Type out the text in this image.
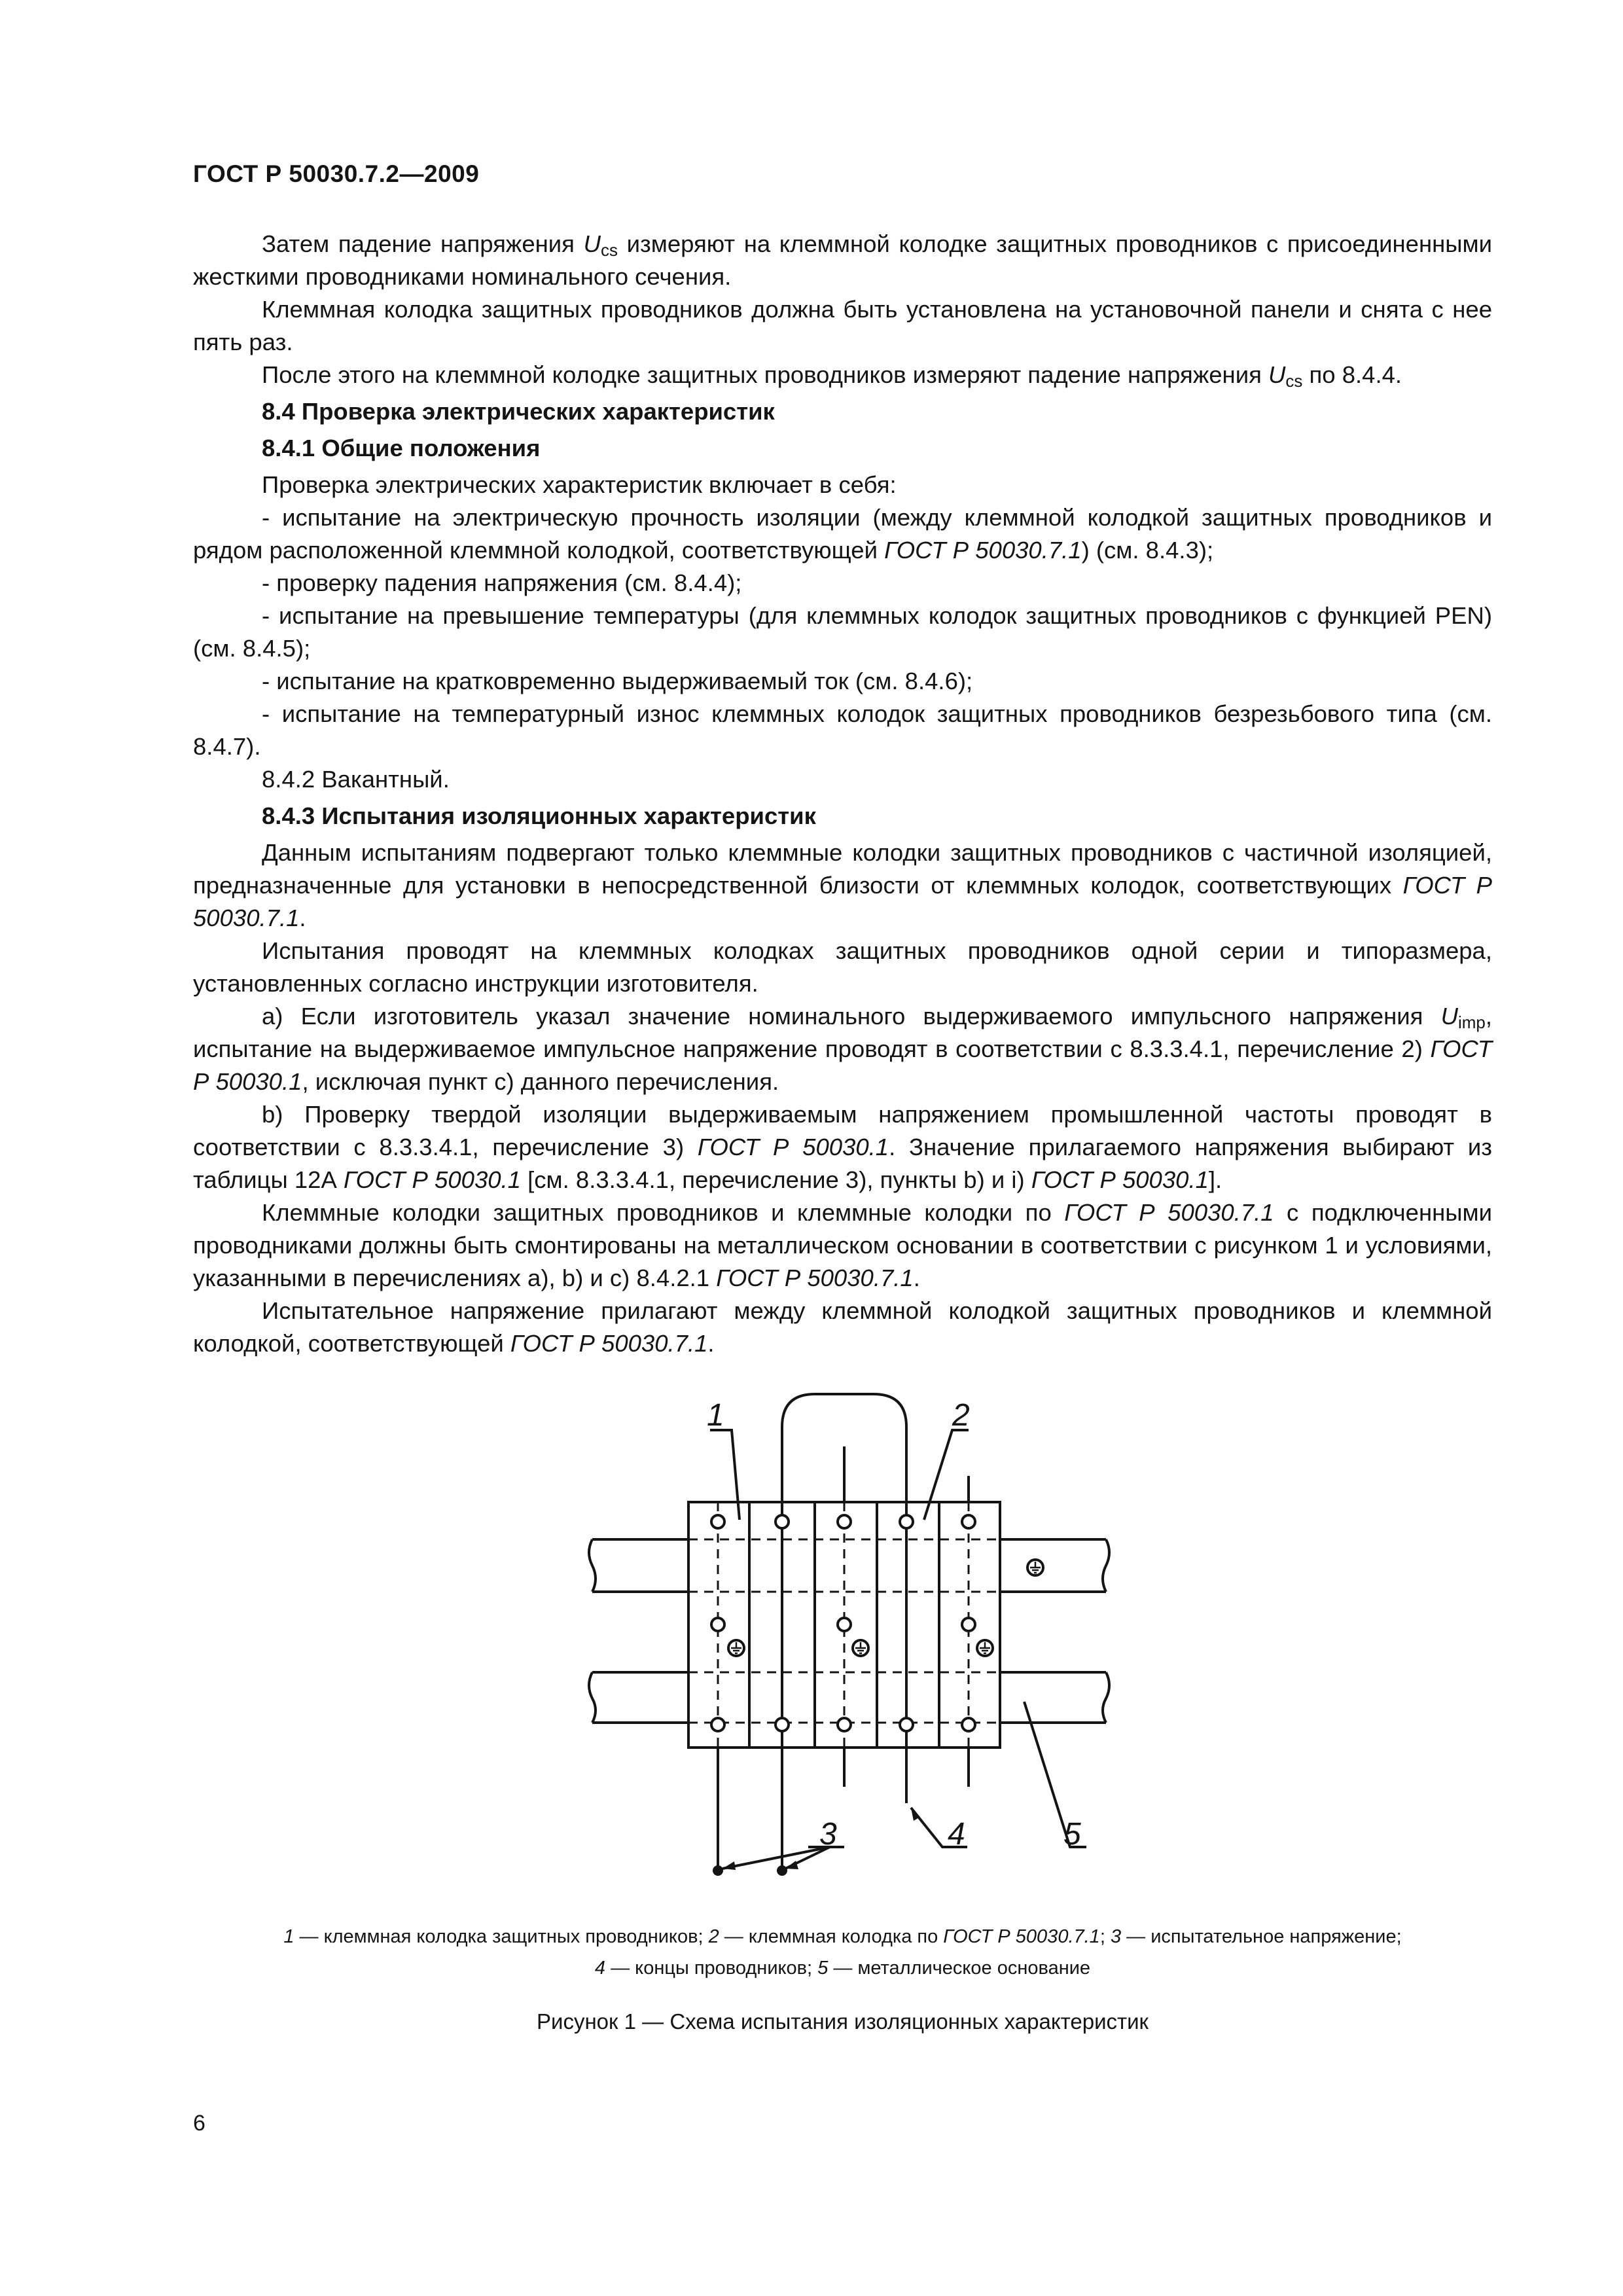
ГОСТ Р 50030.7.2—2009

Затем падение напряжения $U_{cs}$ измеряют на клеммной колодке защитных проводников с присоединенными жесткими проводниками номинального сечения.

Клеммная колодка защитных проводников должна быть установлена на установочной панели и снята с нее пять раз.

После этого на клеммной колодке защитных проводников измеряют падение напряжения $U_{cs}$ по 8.4.4.

8.4 Проверка электрических характеристик

8.4.1 Общие положения

Проверка электрических характеристик включает в себя:

- испытание на электрическую прочность изоляции (между клеммной колодкой защитных проводников и рядом расположенной клеммной колодкой, соответствующей ГОСТ Р 50030.7.1) (см. 8.4.3);

- проверку падения напряжения (см. 8.4.4);

- испытание на превышение температуры (для клеммных колодок защитных проводников с функцией PEN) (см. 8.4.5);

- испытание на кратковременно выдерживаемый ток (см. 8.4.6);

- испытание на температурный износ клеммных колодок защитных проводников безрезьбового типа (см. 8.4.7).

8.4.2 Вакантный.

8.4.3 Испытания изоляционных характеристик

Данным испытаниям подвергают только клеммные колодки защитных проводников с частичной изоляцией, предназначенные для установки в непосредственной близости от клеммных колодок, соответствующих ГОСТ Р 50030.7.1.

Испытания проводят на клеммных колодках защитных проводников одной серии и типоразмера, установленных согласно инструкции изготовителя.

а) Если изготовитель указал значение номинального выдерживаемого импульсного напряжения $U_{imp}$, испытание на выдерживаемое импульсное напряжение проводят в соответствии с 8.3.3.4.1, перечисление 2) ГОСТ Р 50030.1, исключая пункт с) данного перечисления.

b) Проверку твердой изоляции выдерживаемым напряжением промышленной частоты проводят в соответствии с 8.3.3.4.1, перечисление 3) ГОСТ Р 50030.1. Значение прилагаемого напряжения выбирают из таблицы 12А ГОСТ Р 50030.1 [см. 8.3.3.4.1, перечисление 3), пункты b) и i) ГОСТ Р 50030.1].

Клеммные колодки защитных проводников и клеммные колодки по ГОСТ Р 50030.7.1 с подключенными проводниками должны быть смонтированы на металлическом основании в соответствии с рисунком 1 и условиями, указанными в перечислениях а), b) и с) 8.4.2.1 ГОСТ Р 50030.7.1.

Испытательное напряжение прилагают между клеммной колодкой защитных проводников и клеммной колодкой, соответствующей ГОСТ Р 50030.7.1.

1	2
3	4	5
1 — клеммная колодка защитных проводников; 2 — клеммная колодка по ГОСТ Р 50030.7.1; 3 — испытательное напряжение;
4 — концы проводников; 5 — металлическое основание
Рисунок 1 — Схема испытания изоляционных характеристик
6
